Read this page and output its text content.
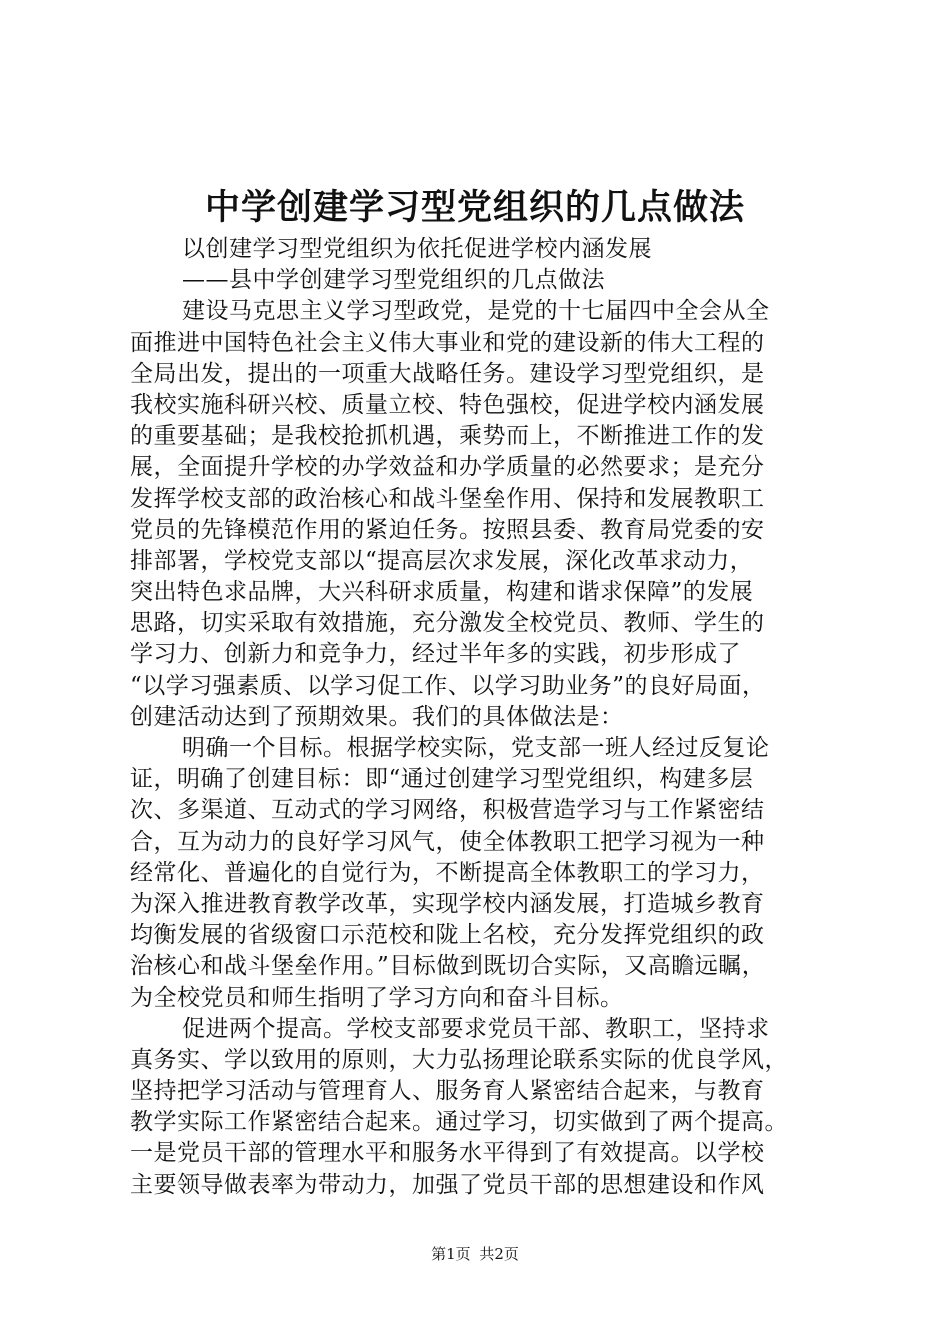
中学创建学习型党组织的几点做法
以创建学习型党组织为依托促进学校内涵发展
——县中学创建学习型党组织的几点做法
建设马克思主义学习型政党，是党的十七届四中全会从全
面推进中国特色社会主义伟大事业和党的建设新的伟大工程的
全局出发，提出的一项重大战略任务。建设学习型党组织，是
我校实施科研兴校、质量立校、特色强校，促进学校内涵发展
的重要基础；是我校抢抓机遇，乘势而上，不断推进工作的发
展，全面提升学校的办学效益和办学质量的必然要求；是充分
发挥学校支部的政治核心和战斗堡垒作用、保持和发展教职工
党员的先锋模范作用的紧迫任务。按照县委、教育局党委的安
排部署，学校党支部以“提高层次求发展，深化改革求动力，
突出特色求品牌，大兴科研求质量，构建和谐求保障”的发展
思路，切实采取有效措施，充分激发全校党员、教师、学生的
学习力、创新力和竞争力，经过半年多的实践，初步形成了
“以学习强素质、以学习促工作、以学习助业务”的良好局面，
创建活动达到了预期效果。我们的具体做法是：
明确一个目标。根据学校实际，党支部一班人经过反复论
证，明确了创建目标：即“通过创建学习型党组织，构建多层
次、多渠道、互动式的学习网络，积极营造学习与工作紧密结
合，互为动力的良好学习风气，使全体教职工把学习视为一种
经常化、普遍化的自觉行为，不断提高全体教职工的学习力，
为深入推进教育教学改革，实现学校内涵发展，打造城乡教育
均衡发展的省级窗口示范校和陇上名校，充分发挥党组织的政
治核心和战斗堡垒作用。”目标做到既切合实际，又高瞻远瞩，
为全校党员和师生指明了学习方向和奋斗目标。
促进两个提高。学校支部要求党员干部、教职工，坚持求
真务实、学以致用的原则，大力弘扬理论联系实际的优良学风，
坚持把学习活动与管理育人、服务育人紧密结合起来，与教育
教学实际工作紧密结合起来。通过学习，切实做到了两个提高。
一是党员干部的管理水平和服务水平得到了有效提高。以学校
主要领导做表率为带动力，加强了党员干部的思想建设和作风
第1页 共2页
